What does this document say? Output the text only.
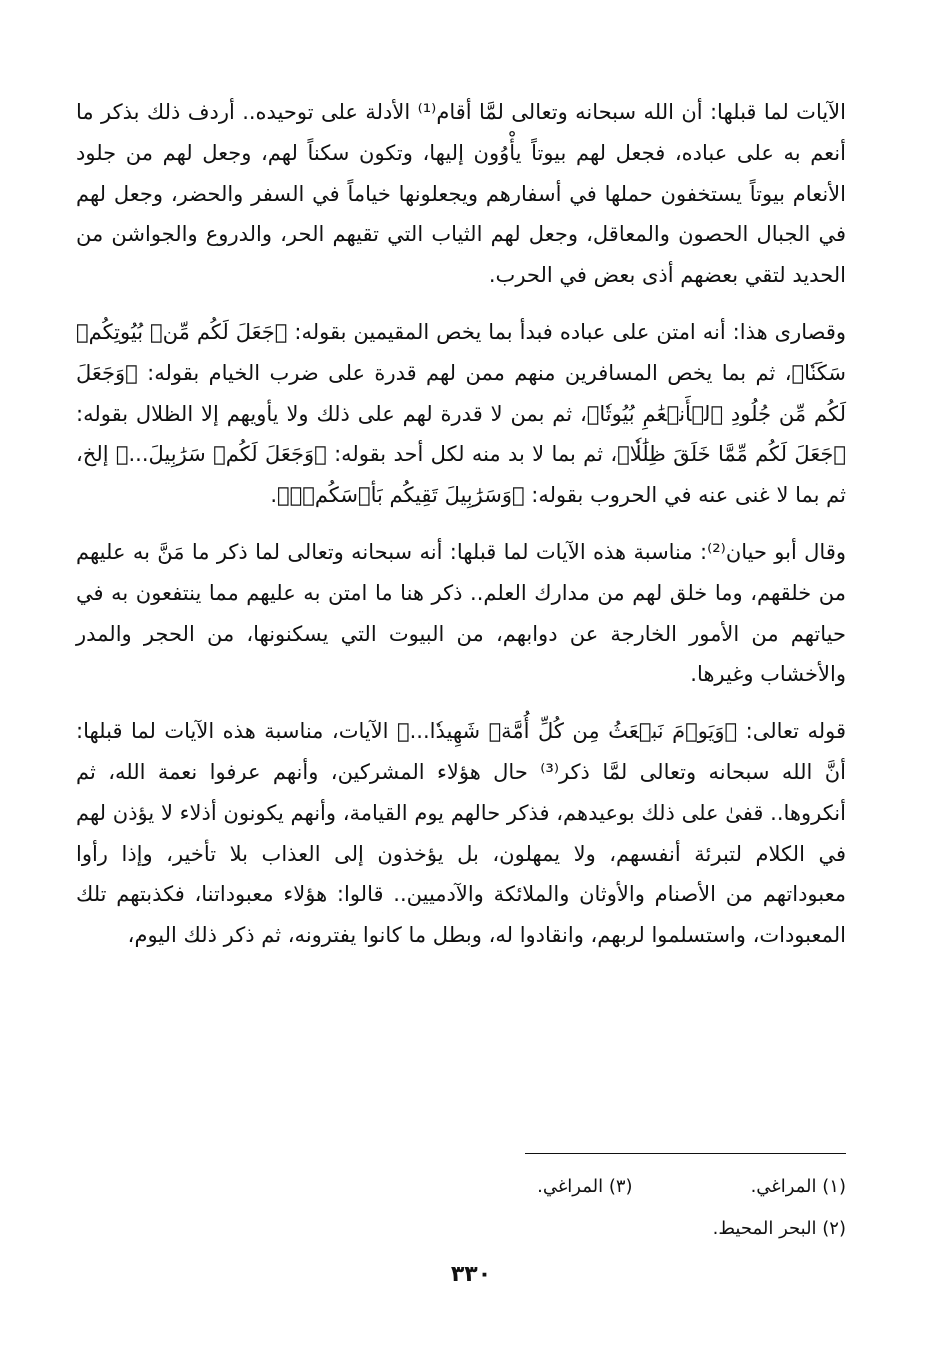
الآيات لما قبلها: أن الله سبحانه وتعالى لمَّا أقام⁽¹⁾ الأدلة على توحيده.. أردف ذلك بذكر ما أنعم به على عباده، فجعل لهم بيوتاً يأْوُون إليها، وتكون سكناً لهم، وجعل لهم من جلود الأنعام بيوتاً يستخفون حملها في أسفارهم ويجعلونها خياماً في السفر والحضر، وجعل لهم في الجبال الحصون والمعاقل، وجعل لهم الثياب التي تقيهم الحر، والدروع والجواشن من الحديد لتقي بعضهم أذى بعض في الحرب.

وقصارى هذا: أنه امتن على عباده فبدأ بما يخص المقيمين بقوله: ﴿جَعَلَ لَكُم مِّنۢ بُيُوتِكُمۡ سَكَنٗا﴾، ثم بما يخص المسافرين منهم ممن لهم قدرة على ضرب الخيام بقوله: ﴿وَجَعَلَ لَكُم مِّن جُلُودِ ٱلۡأَنۡعَٰمِ بُيُوتٗا﴾، ثم بمن لا قدرة لهم على ذلك ولا يأويهم إلا الظلال بقوله: ﴿جَعَلَ لَكُم مِّمَّا خَلَقَ ظِلَٰلٗا﴾، ثم بما لا بد منه لكل أحد بقوله: ﴿وَجَعَلَ لَكُمۡ سَرَٰبِيلَ...﴾ إلخ، ثم بما لا غنى عنه في الحروب بقوله: ﴿وَسَرَٰبِيلَ تَقِيكُم بَأۡسَكُمۡۚ﴾.

وقال أبو حيان⁽²⁾: مناسبة هذه الآيات لما قبلها: أنه سبحانه وتعالى لما ذكر ما مَنَّ به عليهم من خلقهم، وما خلق لهم من مدارك العلم.. ذكر هنا ما امتن به عليهم مما ينتفعون به في حياتهم من الأمور الخارجة عن دوابهم، من البيوت التي يسكنونها، من الحجر والمدر والأخشاب وغيرها.

قوله تعالى: ﴿وَيَوۡمَ نَبۡعَثُ مِن كُلِّ أُمَّةٖ شَهِيدٗا...﴾ الآيات، مناسبة هذه الآيات لما قبلها: أنَّ الله سبحانه وتعالى لمَّا ذكر⁽³⁾ حال هؤلاء المشركين، وأنهم عرفوا نعمة الله، ثم أنكروها.. قفىٰ على ذلك بوعيدهم، فذكر حالهم يوم القيامة، وأنهم يكونون أذلاء لا يؤذن لهم في الكلام لتبرئة أنفسهم، ولا يمهلون، بل يؤخذون إلى العذاب بلا تأخير، وإذا رأوا معبوداتهم من الأصنام والأوثان والملائكة والآدميين.. قالوا: هؤلاء معبوداتنا، فكذبتهم تلك المعبودات، واستسلموا لربهم، وانقادوا له، وبطل ما كانوا يفترونه، ثم ذكر ذلك اليوم،

(١) المراغي.
(٣) المراغي.
(٢) البحر المحيط.
٣٣٠
